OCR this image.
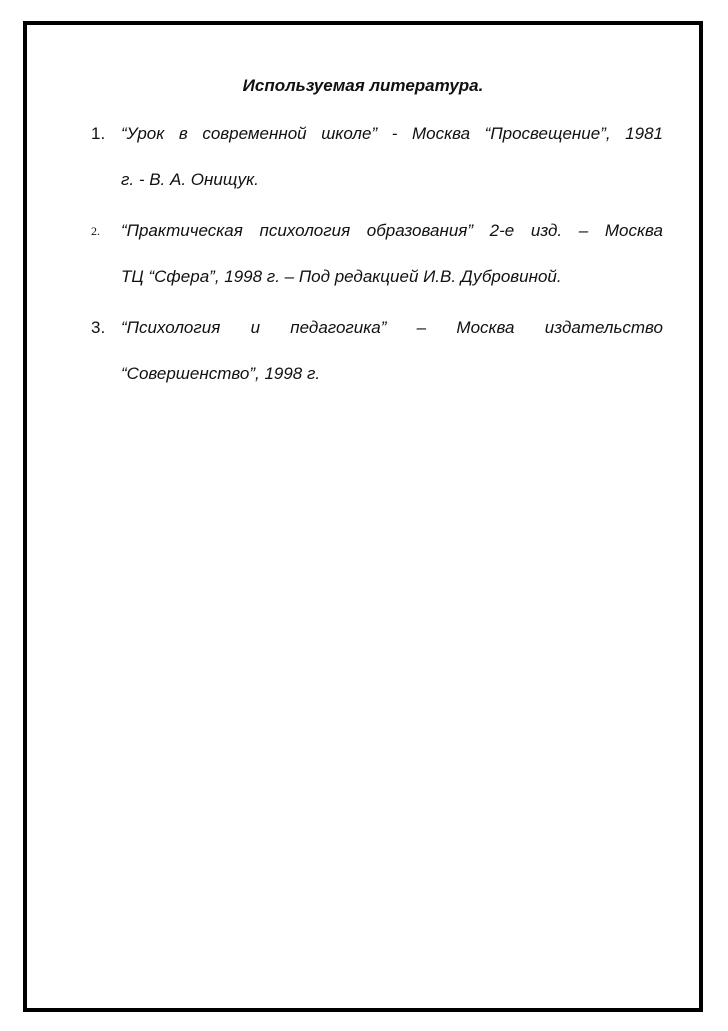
Используемая литература.
1. “Урок в современной школе” - Москва “Просвещение”, 1981
г. - В. А. Онищук.
2. “Практическая психология образования” 2-е изд. – Москва
ТЦ “Сфера”, 1998 г. – Под редакцией И.В. Дубровиной.
3. “Психология и педагогика” – Москва издательство
“Совершенство”, 1998 г.
